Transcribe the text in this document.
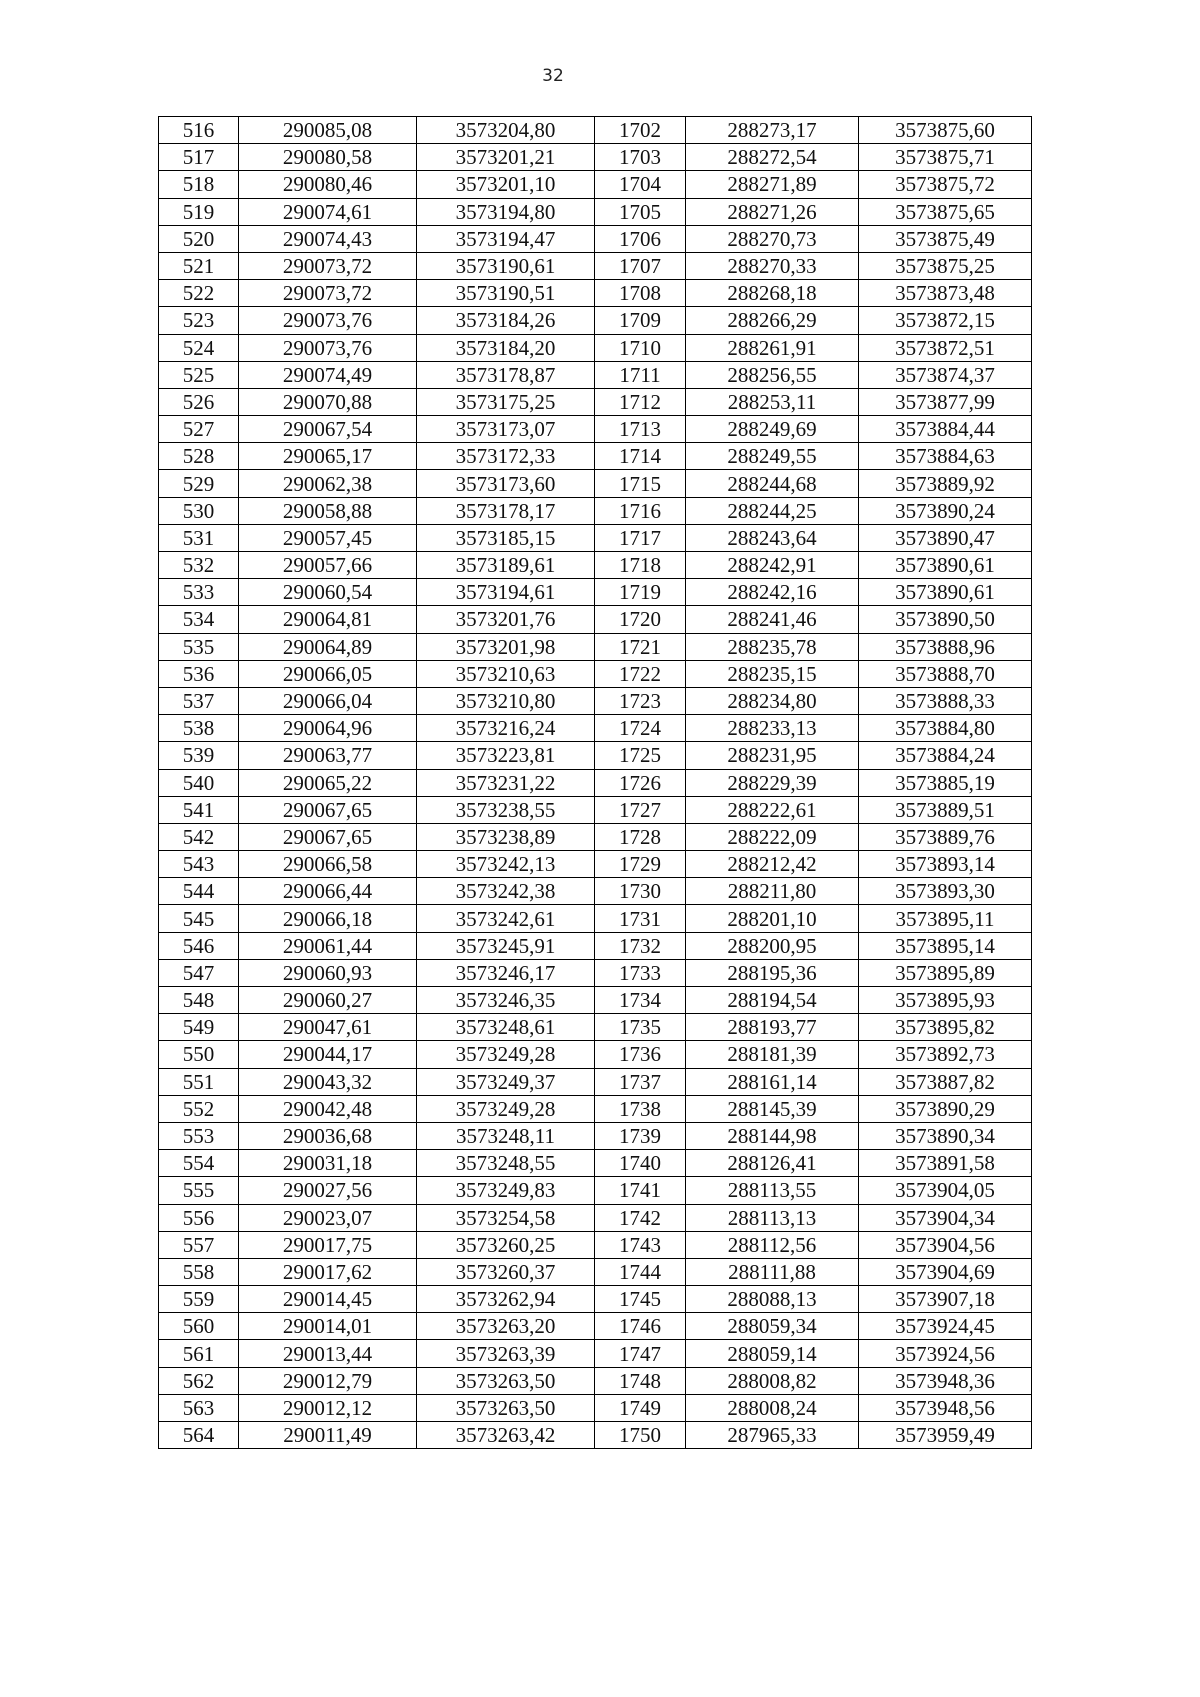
32
516	290085,08	3573204,80	1702	288273,17	3573875,60
517	290080,58	3573201,21	1703	288272,54	3573875,71
518	290080,46	3573201,10	1704	288271,89	3573875,72
519	290074,61	3573194,80	1705	288271,26	3573875,65
520	290074,43	3573194,47	1706	288270,73	3573875,49
521	290073,72	3573190,61	1707	288270,33	3573875,25
522	290073,72	3573190,51	1708	288268,18	3573873,48
523	290073,76	3573184,26	1709	288266,29	3573872,15
524	290073,76	3573184,20	1710	288261,91	3573872,51
525	290074,49	3573178,87	1711	288256,55	3573874,37
526	290070,88	3573175,25	1712	288253,11	3573877,99
527	290067,54	3573173,07	1713	288249,69	3573884,44
528	290065,17	3573172,33	1714	288249,55	3573884,63
529	290062,38	3573173,60	1715	288244,68	3573889,92
530	290058,88	3573178,17	1716	288244,25	3573890,24
531	290057,45	3573185,15	1717	288243,64	3573890,47
532	290057,66	3573189,61	1718	288242,91	3573890,61
533	290060,54	3573194,61	1719	288242,16	3573890,61
534	290064,81	3573201,76	1720	288241,46	3573890,50
535	290064,89	3573201,98	1721	288235,78	3573888,96
536	290066,05	3573210,63	1722	288235,15	3573888,70
537	290066,04	3573210,80	1723	288234,80	3573888,33
538	290064,96	3573216,24	1724	288233,13	3573884,80
539	290063,77	3573223,81	1725	288231,95	3573884,24
540	290065,22	3573231,22	1726	288229,39	3573885,19
541	290067,65	3573238,55	1727	288222,61	3573889,51
542	290067,65	3573238,89	1728	288222,09	3573889,76
543	290066,58	3573242,13	1729	288212,42	3573893,14
544	290066,44	3573242,38	1730	288211,80	3573893,30
545	290066,18	3573242,61	1731	288201,10	3573895,11
546	290061,44	3573245,91	1732	288200,95	3573895,14
547	290060,93	3573246,17	1733	288195,36	3573895,89
548	290060,27	3573246,35	1734	288194,54	3573895,93
549	290047,61	3573248,61	1735	288193,77	3573895,82
550	290044,17	3573249,28	1736	288181,39	3573892,73
551	290043,32	3573249,37	1737	288161,14	3573887,82
552	290042,48	3573249,28	1738	288145,39	3573890,29
553	290036,68	3573248,11	1739	288144,98	3573890,34
554	290031,18	3573248,55	1740	288126,41	3573891,58
555	290027,56	3573249,83	1741	288113,55	3573904,05
556	290023,07	3573254,58	1742	288113,13	3573904,34
557	290017,75	3573260,25	1743	288112,56	3573904,56
558	290017,62	3573260,37	1744	288111,88	3573904,69
559	290014,45	3573262,94	1745	288088,13	3573907,18
560	290014,01	3573263,20	1746	288059,34	3573924,45
561	290013,44	3573263,39	1747	288059,14	3573924,56
562	290012,79	3573263,50	1748	288008,82	3573948,36
563	290012,12	3573263,50	1749	288008,24	3573948,56
564	290011,49	3573263,42	1750	287965,33	3573959,49
